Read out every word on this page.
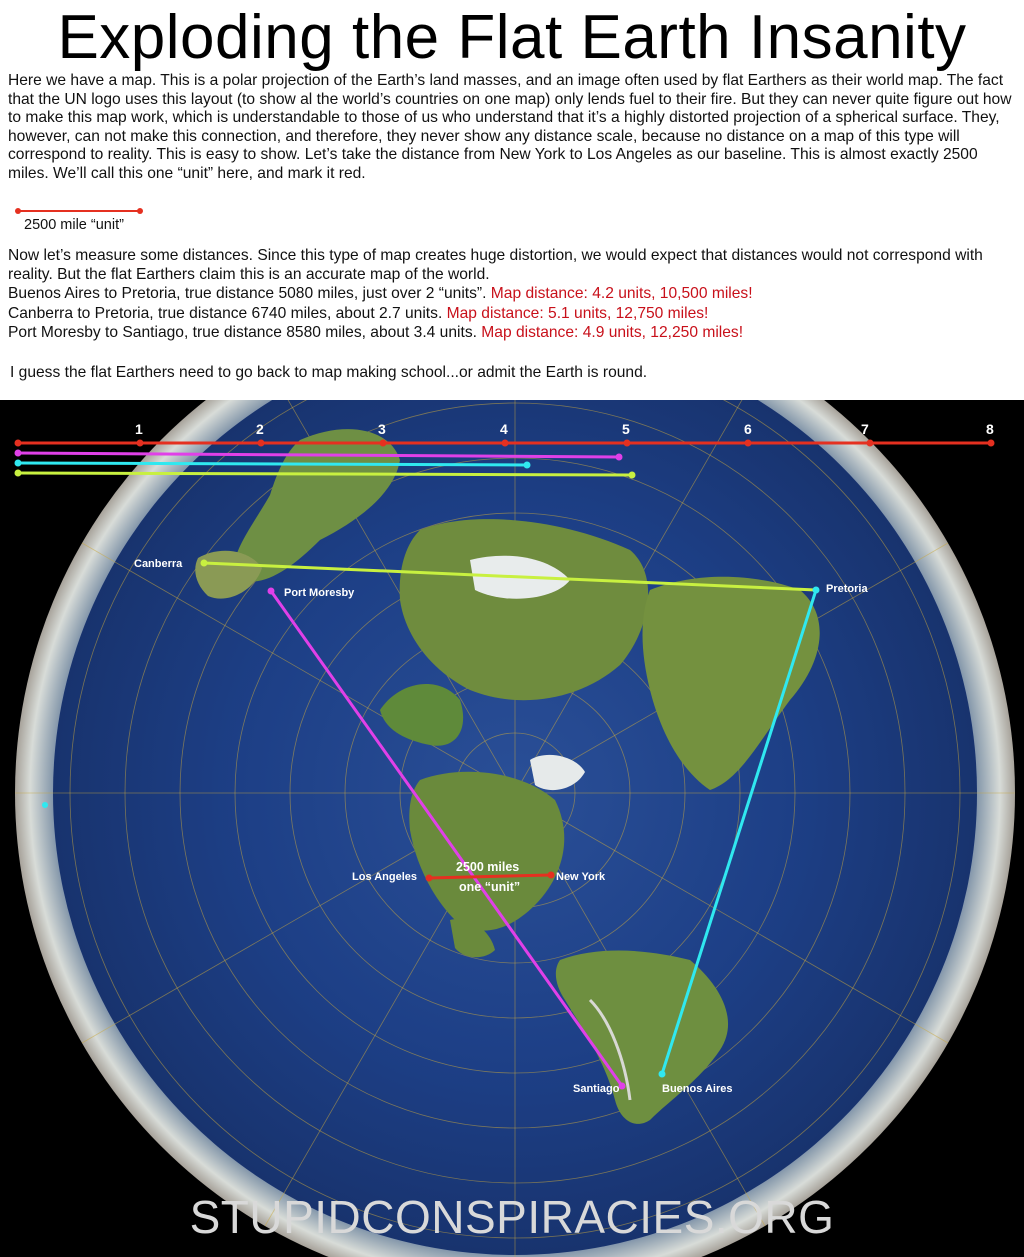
Exploding the Flat Earth Insanity
Here we have a map. This is a polar projection of the Earth’s land masses, and an image often used by flat Earthers as their world map. The fact that the UN logo uses this layout (to show al the world’s countries on one map) only lends fuel to their fire. But they can never quite figure out how to make this map work, which is understandable to those of us who understand that it’s a highly distorted projection of a spherical surface. They, however, can not make this connection, and therefore, they never show any distance scale, because no distance on a map of this type will correspond to reality. This is easy to show. Let’s take the distance from New York to Los Angeles as our baseline. This is almost exactly 2500 miles. We’ll call this one “unit” here, and mark it red.
2500 mile “unit”
Now let’s measure some distances. Since this type of map creates huge distortion, we would expect that distances would not correspond with reality. But the flat Earthers claim this is an accurate map of the world.
Buenos Aires to Pretoria, true distance 5080 miles, just over 2 “units”. Map distance: 4.2 units, 10,500 miles!
Canberra to Pretoria, true distance 6740 miles, about 2.7 units. Map distance: 5.1 units, 12,750 miles!
Port Moresby to Santiago, true distance 8580 miles, about 3.4 units. Map distance: 4.9 units, 12,250 miles!
I guess the flat Earthers need to go back to map making school...or admit the Earth is round.
1	2	3	4	5	6	7	8
Canberra
Port Moresby	Pretoria
Los Angeles	New York
Santiago	Buenos Aires
2500 miles
one “unit”
STUPIDCONSPIRACIES.ORG
